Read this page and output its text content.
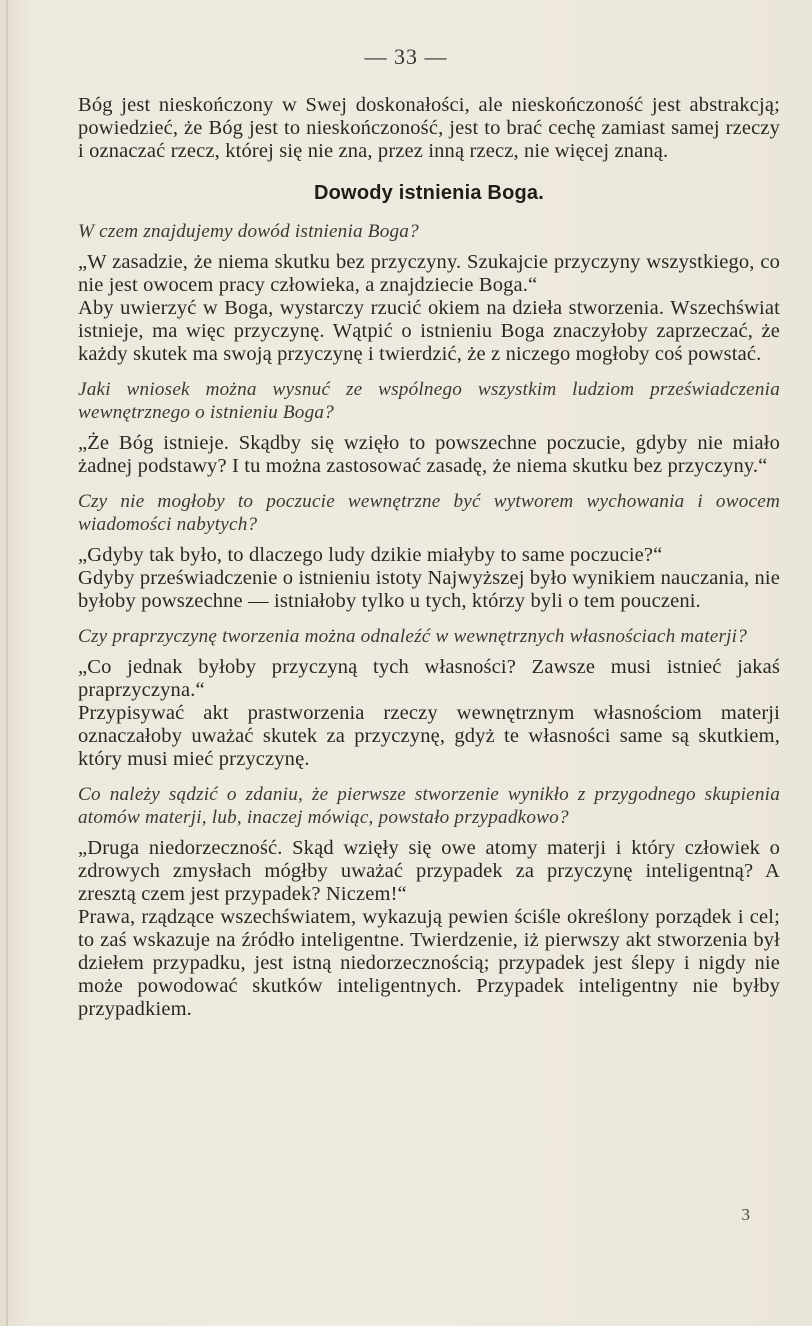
— 33 —

Bóg jest nieskończony w Swej doskonałości, ale nieskończoność jest abstrakcją; powiedzieć, że Bóg jest to nieskończoność, jest to brać cechę zamiast samej rzeczy i oznaczać rzecz, której się nie zna, przez inną rzecz, nie więcej znaną.

Dowody istnienia Boga.

W czem znajdujemy dowód istnienia Boga?

„W zasadzie, że niema skutku bez przyczyny. Szukajcie przyczyny wszystkiego, co nie jest owocem pracy człowieka, a znajdziecie Boga.“

Aby uwierzyć w Boga, wystarczy rzucić okiem na dzieła stworzenia. Wszechświat istnieje, ma więc przyczynę. Wątpić o istnieniu Boga znaczyłoby zaprzeczać, że każdy skutek ma swoją przyczynę i twierdzić, że z niczego mogłoby coś powstać.

Jaki wniosek można wysnuć ze wspólnego wszystkim ludziom przeświadczenia wewnętrznego o istnieniu Boga?

„Że Bóg istnieje. Skądby się wzięło to powszechne poczucie, gdyby nie miało żadnej podstawy? I tu można zastosować zasadę, że niema skutku bez przyczyny.“

Czy nie mogłoby to poczucie wewnętrzne być wytworem wychowania i owocem wiadomości nabytych?

„Gdyby tak było, to dlaczego ludy dzikie miałyby to same poczucie?“

Gdyby przeświadczenie o istnieniu istoty Najwyższej było wynikiem nauczania, nie byłoby powszechne — istniałoby tylko u tych, którzy byli o tem pouczeni.

Czy praprzyczynę tworzenia można odnaleźć w wewnętrznych własnościach materji?

„Co jednak byłoby przyczyną tych własności? Zawsze musi istnieć jakaś praprzyczyna.“

Przypisywać akt prastworzenia rzeczy wewnętrznym własnościom materji oznaczałoby uważać skutek za przyczynę, gdyż te własności same są skutkiem, który musi mieć przyczynę.

Co należy sądzić o zdaniu, że pierwsze stworzenie wynikło z przygodnego skupienia atomów materji, lub, inaczej mówiąc, powstało przypadkowo?

„Druga niedorzeczność. Skąd wzięły się owe atomy materji i który człowiek o zdrowych zmysłach mógłby uważać przypadek za przyczynę inteligentną? A zresztą czem jest przypadek? Niczem!“

Prawa, rządzące wszechświatem, wykazują pewien ściśle określony porządek i cel; to zaś wskazuje na źródło inteligentne. Twierdzenie, iż pierwszy akt stworzenia był dziełem przypadku, jest istną niedorzecznością; przypadek jest ślepy i nigdy nie może powodować skutków inteligentnych. Przypadek inteligentny nie byłby przypadkiem.

3
